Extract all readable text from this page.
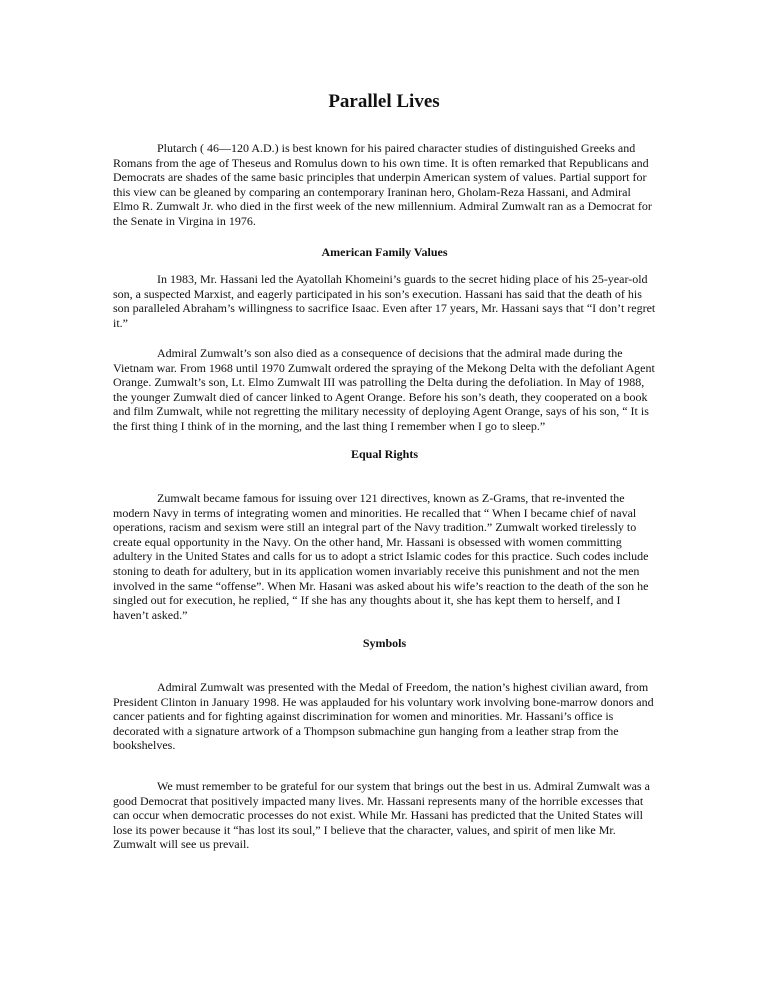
Parallel Lives

Plutarch ( 46—120 A.D.) is best known for his paired character studies of distinguished Greeks and Romans from the age of Theseus and Romulus down to his own time. It is often remarked that Republicans and Democrats are shades of the same basic principles that underpin American system of values. Partial support for this view can be gleaned by comparing an contemporary Iraninan hero, Gholam-Reza Hassani, and Admiral Elmo R. Zumwalt Jr. who died in the first week of the new millennium. Admiral Zumwalt ran as a Democrat for the Senate in Virgina in 1976.

American Family Values

In 1983, Mr. Hassani led the Ayatollah Khomeini’s guards to the secret hiding place of his 25-year-old son, a suspected Marxist, and eagerly participated in his son’s execution. Hassani has said that the death of his son paralleled Abraham’s willingness to sacrifice Isaac. Even after 17 years, Mr. Hassani says that “I don’t regret it.”

Admiral Zumwalt’s son also died as a consequence of decisions that the admiral made during the Vietnam war. From 1968 until 1970 Zumwalt ordered the spraying of the Mekong Delta with the defoliant Agent Orange. Zumwalt’s son, Lt. Elmo Zumwalt III was patrolling the Delta during the defoliation. In May of 1988, the younger Zumwalt died of cancer linked to Agent Orange. Before his son’s death, they cooperated on a book and film Zumwalt, while not regretting the military necessity of deploying Agent Orange, says of his son, “ It is the first thing I think of in the morning, and the last thing I remember when I go to sleep.”

Equal Rights

Zumwalt became famous for issuing over 121 directives, known as Z-Grams, that re-invented the modern Navy in terms of integrating women and minorities. He recalled that “ When I became chief of naval operations, racism and sexism were still an integral part of the Navy tradition.” Zumwalt worked tirelessly to create equal opportunity in the Navy. On the other hand, Mr. Hassani is obsessed with women committing adultery in the United States and calls for us to adopt a strict Islamic codes for this practice. Such codes include stoning to death for adultery, but in its application women invariably receive this punishment and not the men involved in the same “offense”. When Mr. Hasani was asked about his wife’s reaction to the death of the son he singled out for execution, he replied, “ If she has any thoughts about it, she has kept them to herself, and I haven’t asked.”

Symbols

Admiral Zumwalt was presented with the Medal of Freedom, the nation’s highest civilian award, from President Clinton in January 1998. He was applauded for his voluntary work involving bone-marrow donors and cancer patients and for fighting against discrimination for women and minorities. Mr. Hassani’s office is decorated with a signature artwork of a Thompson submachine gun hanging from a leather strap from the bookshelves.

We must remember to be grateful for our system that brings out the best in us. Admiral Zumwalt was a good Democrat that positively impacted many lives. Mr. Hassani represents many of the horrible excesses that can occur when democratic processes do not exist. While Mr. Hassani has predicted that the United States will lose its power because it “has lost its soul,” I believe that the character, values, and spirit of men like Mr. Zumwalt will see us prevail.
